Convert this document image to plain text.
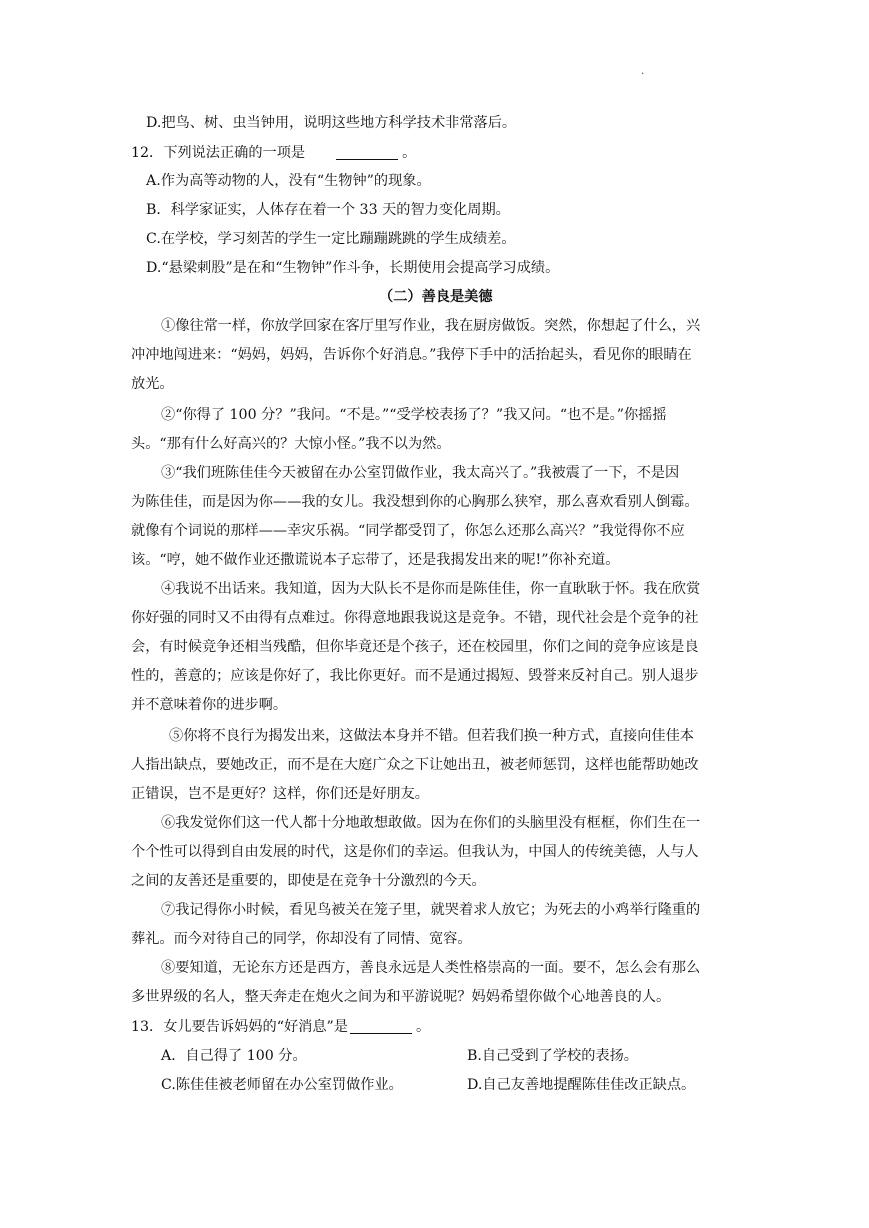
.
D.把鸟、树、虫当钟用，说明这些地方科学技术非常落后。
12．下列说法正确的一项是	。
A.作为高等动物的人，没有“生物钟”的现象。
B．科学家证实，人体存在着一个 33 天的智力变化周期。
C.在学校，学习刻苦的学生一定比蹦蹦跳跳的学生成绩差。
D.“悬梁刺股”是在和“生物钟”作斗争，长期使用会提高学习成绩。
（二）善良是美德
①像往常一样，你放学回家在客厅里写作业，我在厨房做饭。突然，你想起了什么，兴
冲冲地闯进来：“妈妈，妈妈，告诉你个好消息。”我停下手中的活抬起头，看见你的眼睛在
放光。
②“你得了 100 分？”我问。“不是。”“受学校表扬了？”我又问。“也不是。”你摇摇
头。“那有什么好高兴的？大惊小怪。”我不以为然。
③“我们班陈佳佳今天被留在办公室罚做作业，我太高兴了。”我被震了一下，不是因
为陈佳佳，而是因为你——我的女儿。我没想到你的心胸那么狭窄，那么喜欢看别人倒霉。
就像有个词说的那样——幸灾乐祸。“同学都受罚了，你怎么还那么高兴？”我觉得你不应
该。“哼，她不做作业还撒谎说本子忘带了，还是我揭发出来的呢!”你补充道。
④我说不出话来。我知道，因为大队长不是你而是陈佳佳，你一直耿耿于怀。我在欣赏
你好强的同时又不由得有点难过。你得意地跟我说这是竞争。不错，现代社会是个竞争的社
会，有时候竞争还相当残酷，但你毕竟还是个孩子，还在校园里，你们之间的竞争应该是良
性的，善意的；应该是你好了，我比你更好。而不是通过揭短、毁誉来反衬自己。别人退步
并不意味着你的进步啊。
⑤你将不良行为揭发出来，这做法本身并不错。但若我们换一种方式，直接向佳佳本
人指出缺点，要她改正，而不是在大庭广众之下让她出丑，被老师惩罚，这样也能帮助她改
正错误，岂不是更好？这样，你们还是好朋友。
⑥我发觉你们这一代人都十分地敢想敢做。因为在你们的头脑里没有框框，你们生在一
个个性可以得到自由发展的时代，这是你们的幸运。但我认为，中国人的传统美德，人与人
之间的友善还是重要的，即使是在竞争十分激烈的今天。
⑦我记得你小时候，看见鸟被关在笼子里，就哭着求人放它；为死去的小鸡举行隆重的
葬礼。而今对待自己的同学，你却没有了同情、宽容。
⑧要知道，无论东方还是西方，善良永远是人类性格崇高的一面。要不，怎么会有那么
多世界级的名人，整天奔走在炮火之间为和平游说呢？妈妈希望你做个心地善良的人。
13．女儿要告诉妈妈的“好消息”是	。
A．自己得了 100 分。	B.自己受到了学校的表扬。
C.陈佳佳被老师留在办公室罚做作业。	D.自己友善地提醒陈佳佳改正缺点。
